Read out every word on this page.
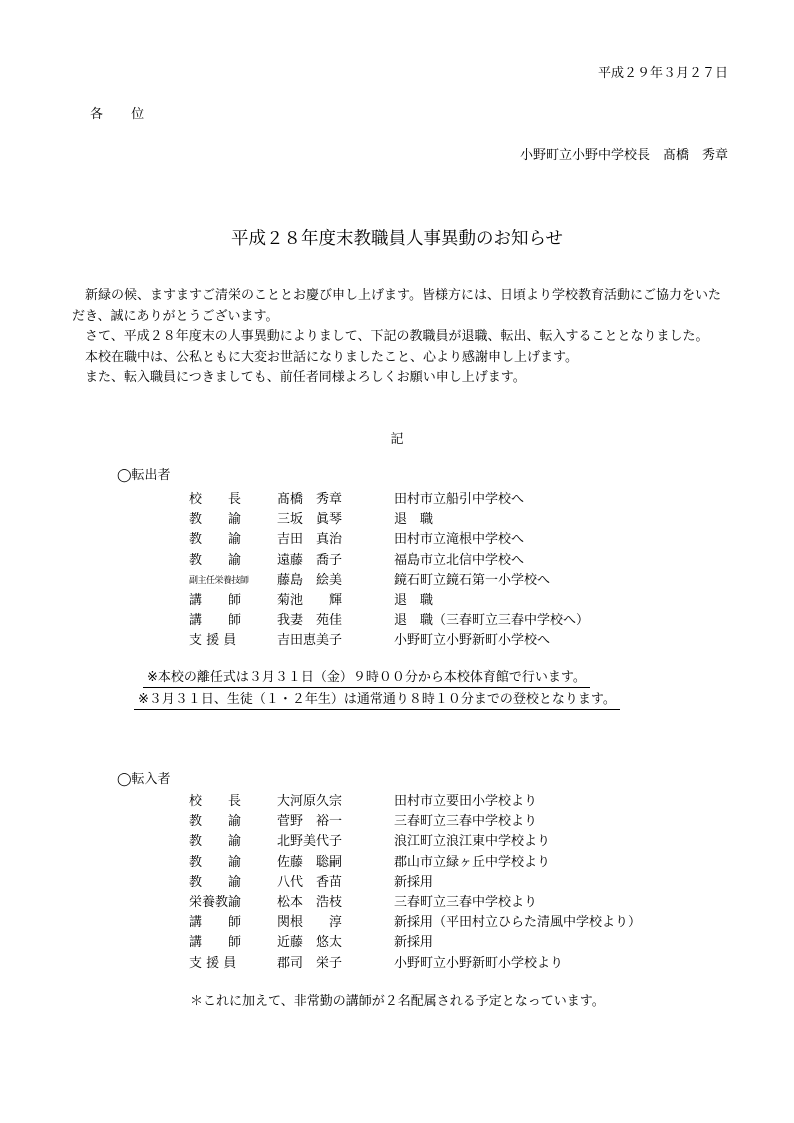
平成２９年３月２７日
各 位
小野町立小野中学校長　髙橋　秀章
平成２８年度末教職員人事異動のお知らせ

新緑の候、ますますご清栄のこととお慶び申し上げます。皆様方には、日頃より学校教育活動にご協力をいただき、誠にありがとうございます。

さて、平成２８年度末の人事異動によりまして、下記の教職員が退職、転出、転入することとなりました。

本校在職中は、公私ともに大変お世話になりましたこと、心より感謝申し上げます。

また、転入職員につきましても、前任者同様よろしくお願い申し上げます。

記
◯転出者
校　　長	髙橋　秀章	田村市立船引中学校へ
教　　諭	三坂　眞琴	退　職
教　　諭	吉田　真治	田村市立滝根中学校へ
教　　諭	遠藤　喬子	福島市立北信中学校へ
$_{副主任栄養技師}$ 藤島　絵美	鏡石町立鏡石第一小学校へ
講　　師	菊池　　輝	退　職
講　　師	我妻　苑佳	退　職（三春町立三春中学校へ）
支 援 員	吉田恵美子	小野町立小野新町小学校へ
※本校の離任式は３月３１日（金）９時００分から本校体育館で行います。
※３月３１日、生徒（１・２年生）は通常通り８時１０分までの登校となります。
◯転入者
校　　長	大河原久宗	田村市立要田小学校より
教　　諭	菅野　裕一	三春町立三春中学校より
教　　諭	北野美代子	浪江町立浪江東中学校より
教　　諭	佐藤　聡嗣	郡山市立緑ヶ丘中学校より
教　　諭	八代　香苗	新採用
栄養教諭	松本　浩枝	三春町立三春中学校より
講　　師	関根　　淳	新採用（平田村立ひらた清風中学校より）
講　　師	近藤　悠太	新採用
支 援 員	郡司　栄子	小野町立小野新町小学校より
＊これに加えて、非常勤の講師が２名配属される予定となっています。
